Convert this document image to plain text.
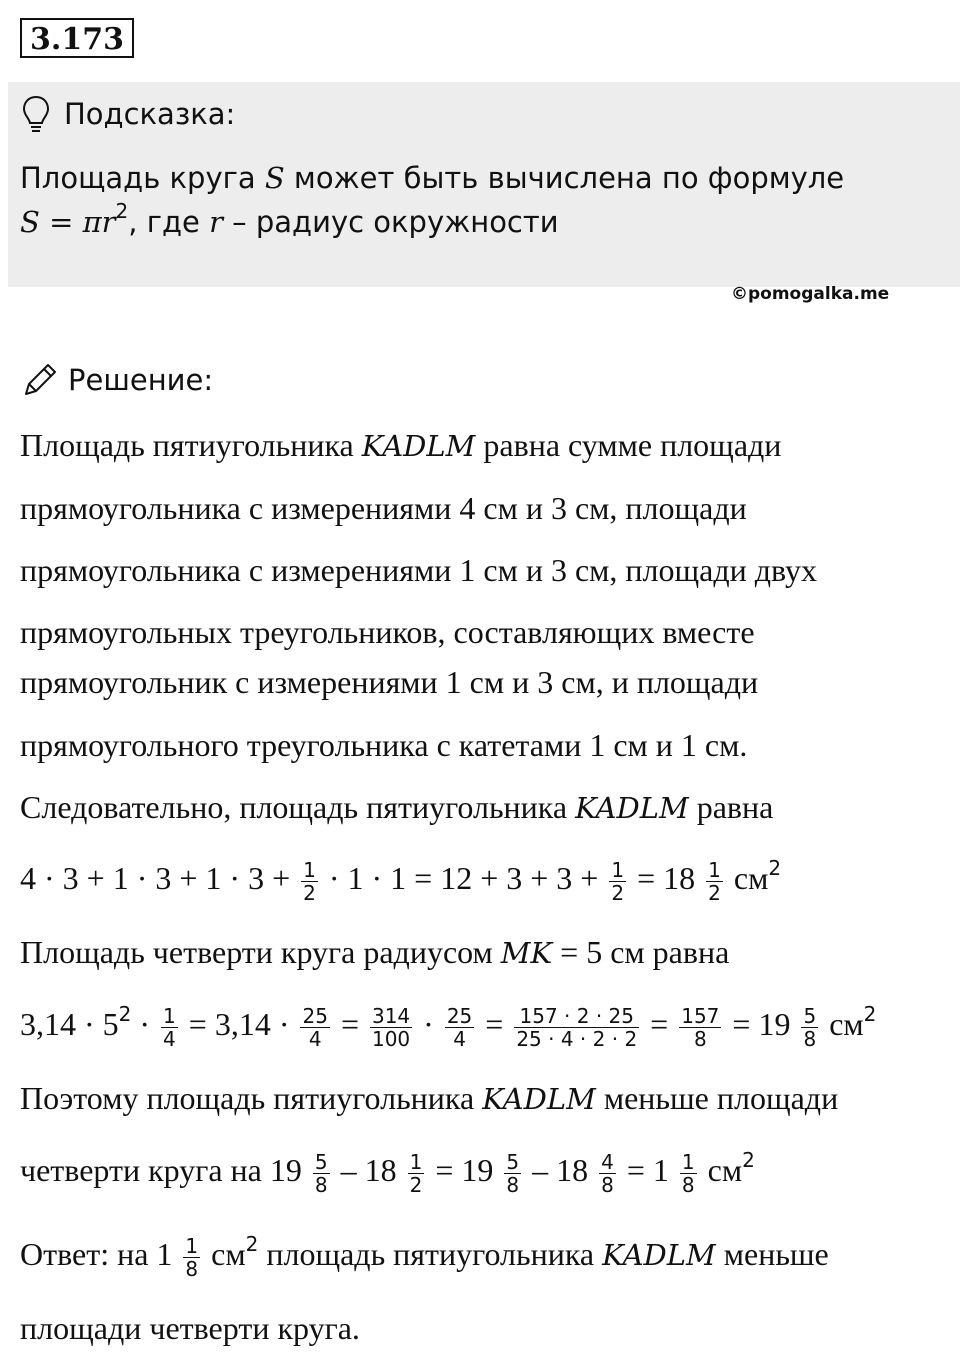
3.173
Подсказка:
Площадь круга S может быть вычислена по формуле
$S = \pi r^2$, где r – радиус окружности
©pomogalka.me
Решение:
Площадь пятиугольника KADLM равна сумме площади
прямоугольника с измерениями 4 см и 3 см, площади
прямоугольника с измерениями 1 см и 3 см, площади двух
прямоугольных треугольников, составляющих вместе
прямоугольник с измерениями 1 см и 3 см, и площади
прямоугольного треугольника с катетами 1 см и 1 см.
Следовательно, площадь пятиугольника KADLM равна
$4 \cdot 3 + 1 \cdot 3 + 1 \cdot 3 + \frac{1}{2} \cdot 1 \cdot 1 = 12 + 3 + 3 + \frac{1}{2} = 18 \frac{1}{2} см^2$
Площадь четверти круга радиусом MK = 5 см равна
$3,14 \cdot 5^2 \cdot \frac{1}{4} = 3,14 \cdot \frac{25}{4} = \frac{314}{100} \cdot \frac{25}{4} = \frac{157 \cdot 2 \cdot 25}{25 \cdot 4 \cdot 2 \cdot 2} = \frac{157}{8} = 19 \frac{5}{8} см^2$
Поэтому площадь пятиугольника KADLM меньше площади
четверти круга на $19 \frac{5}{8} - 18 \frac{1}{2} = 19 \frac{5}{8} - 18 \frac{4}{8} = 1 \frac{1}{8} см^2$
Ответ: на $1 \frac{1}{8} см^2$ площадь пятиугольника KADLM меньше
площади четверти круга.
